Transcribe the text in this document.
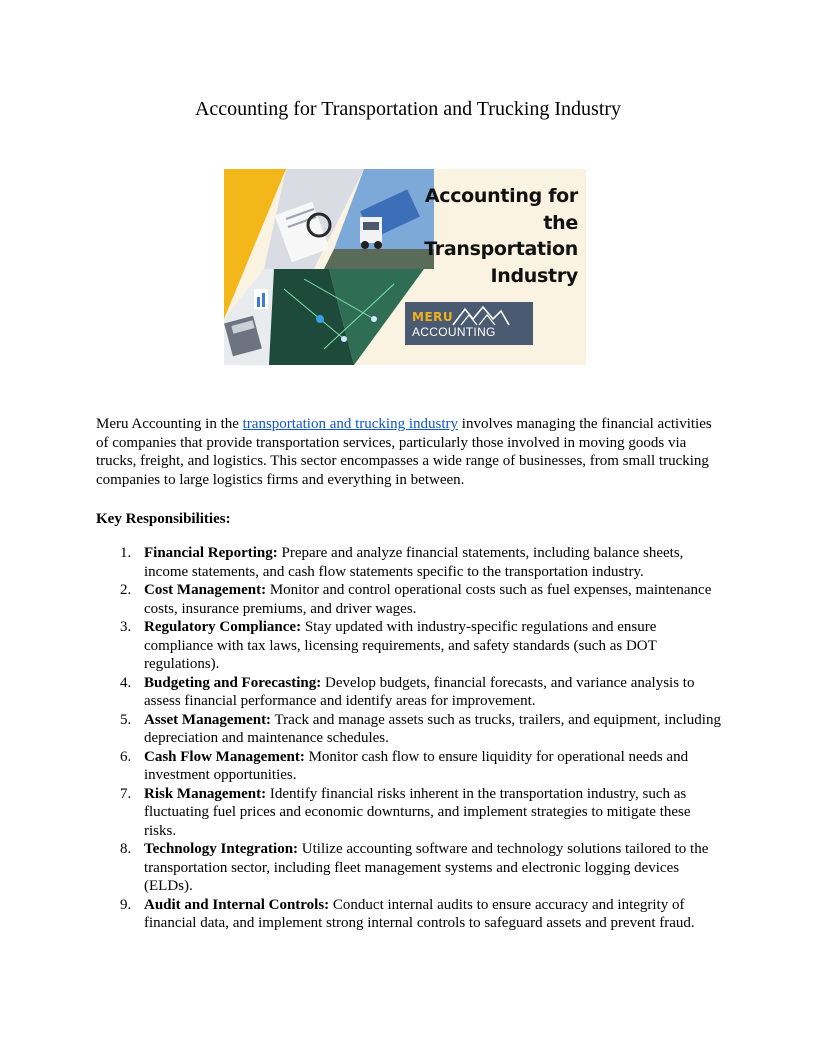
Accounting for Transportation and Trucking Industry
Accounting for
the
Transportation
Industry
MERU
ACCOUNTING

Meru Accounting in the transportation and trucking industry involves managing the financial activities of companies that provide transportation services, particularly those involved in moving goods via trucks, freight, and logistics. This sector encompasses a wide range of businesses, from small trucking companies to large logistics firms and everything in between.

Key Responsibilities:

1. Financial Reporting: Prepare and analyze financial statements, including balance sheets, income statements, and cash flow statements specific to the transportation industry.
2. Cost Management: Monitor and control operational costs such as fuel expenses, maintenance costs, insurance premiums, and driver wages.
3. Regulatory Compliance: Stay updated with industry-specific regulations and ensure compliance with tax laws, licensing requirements, and safety standards (such as DOT regulations).
4. Budgeting and Forecasting: Develop budgets, financial forecasts, and variance analysis to assess financial performance and identify areas for improvement.
5. Asset Management: Track and manage assets such as trucks, trailers, and equipment, including depreciation and maintenance schedules.
6. Cash Flow Management: Monitor cash flow to ensure liquidity for operational needs and investment opportunities.
7. Risk Management: Identify financial risks inherent in the transportation industry, such as fluctuating fuel prices and economic downturns, and implement strategies to mitigate these risks.
8. Technology Integration: Utilize accounting software and technology solutions tailored to the transportation sector, including fleet management systems and electronic logging devices (ELDs).
9. Audit and Internal Controls: Conduct internal audits to ensure accuracy and integrity of financial data, and implement strong internal controls to safeguard assets and prevent fraud.
